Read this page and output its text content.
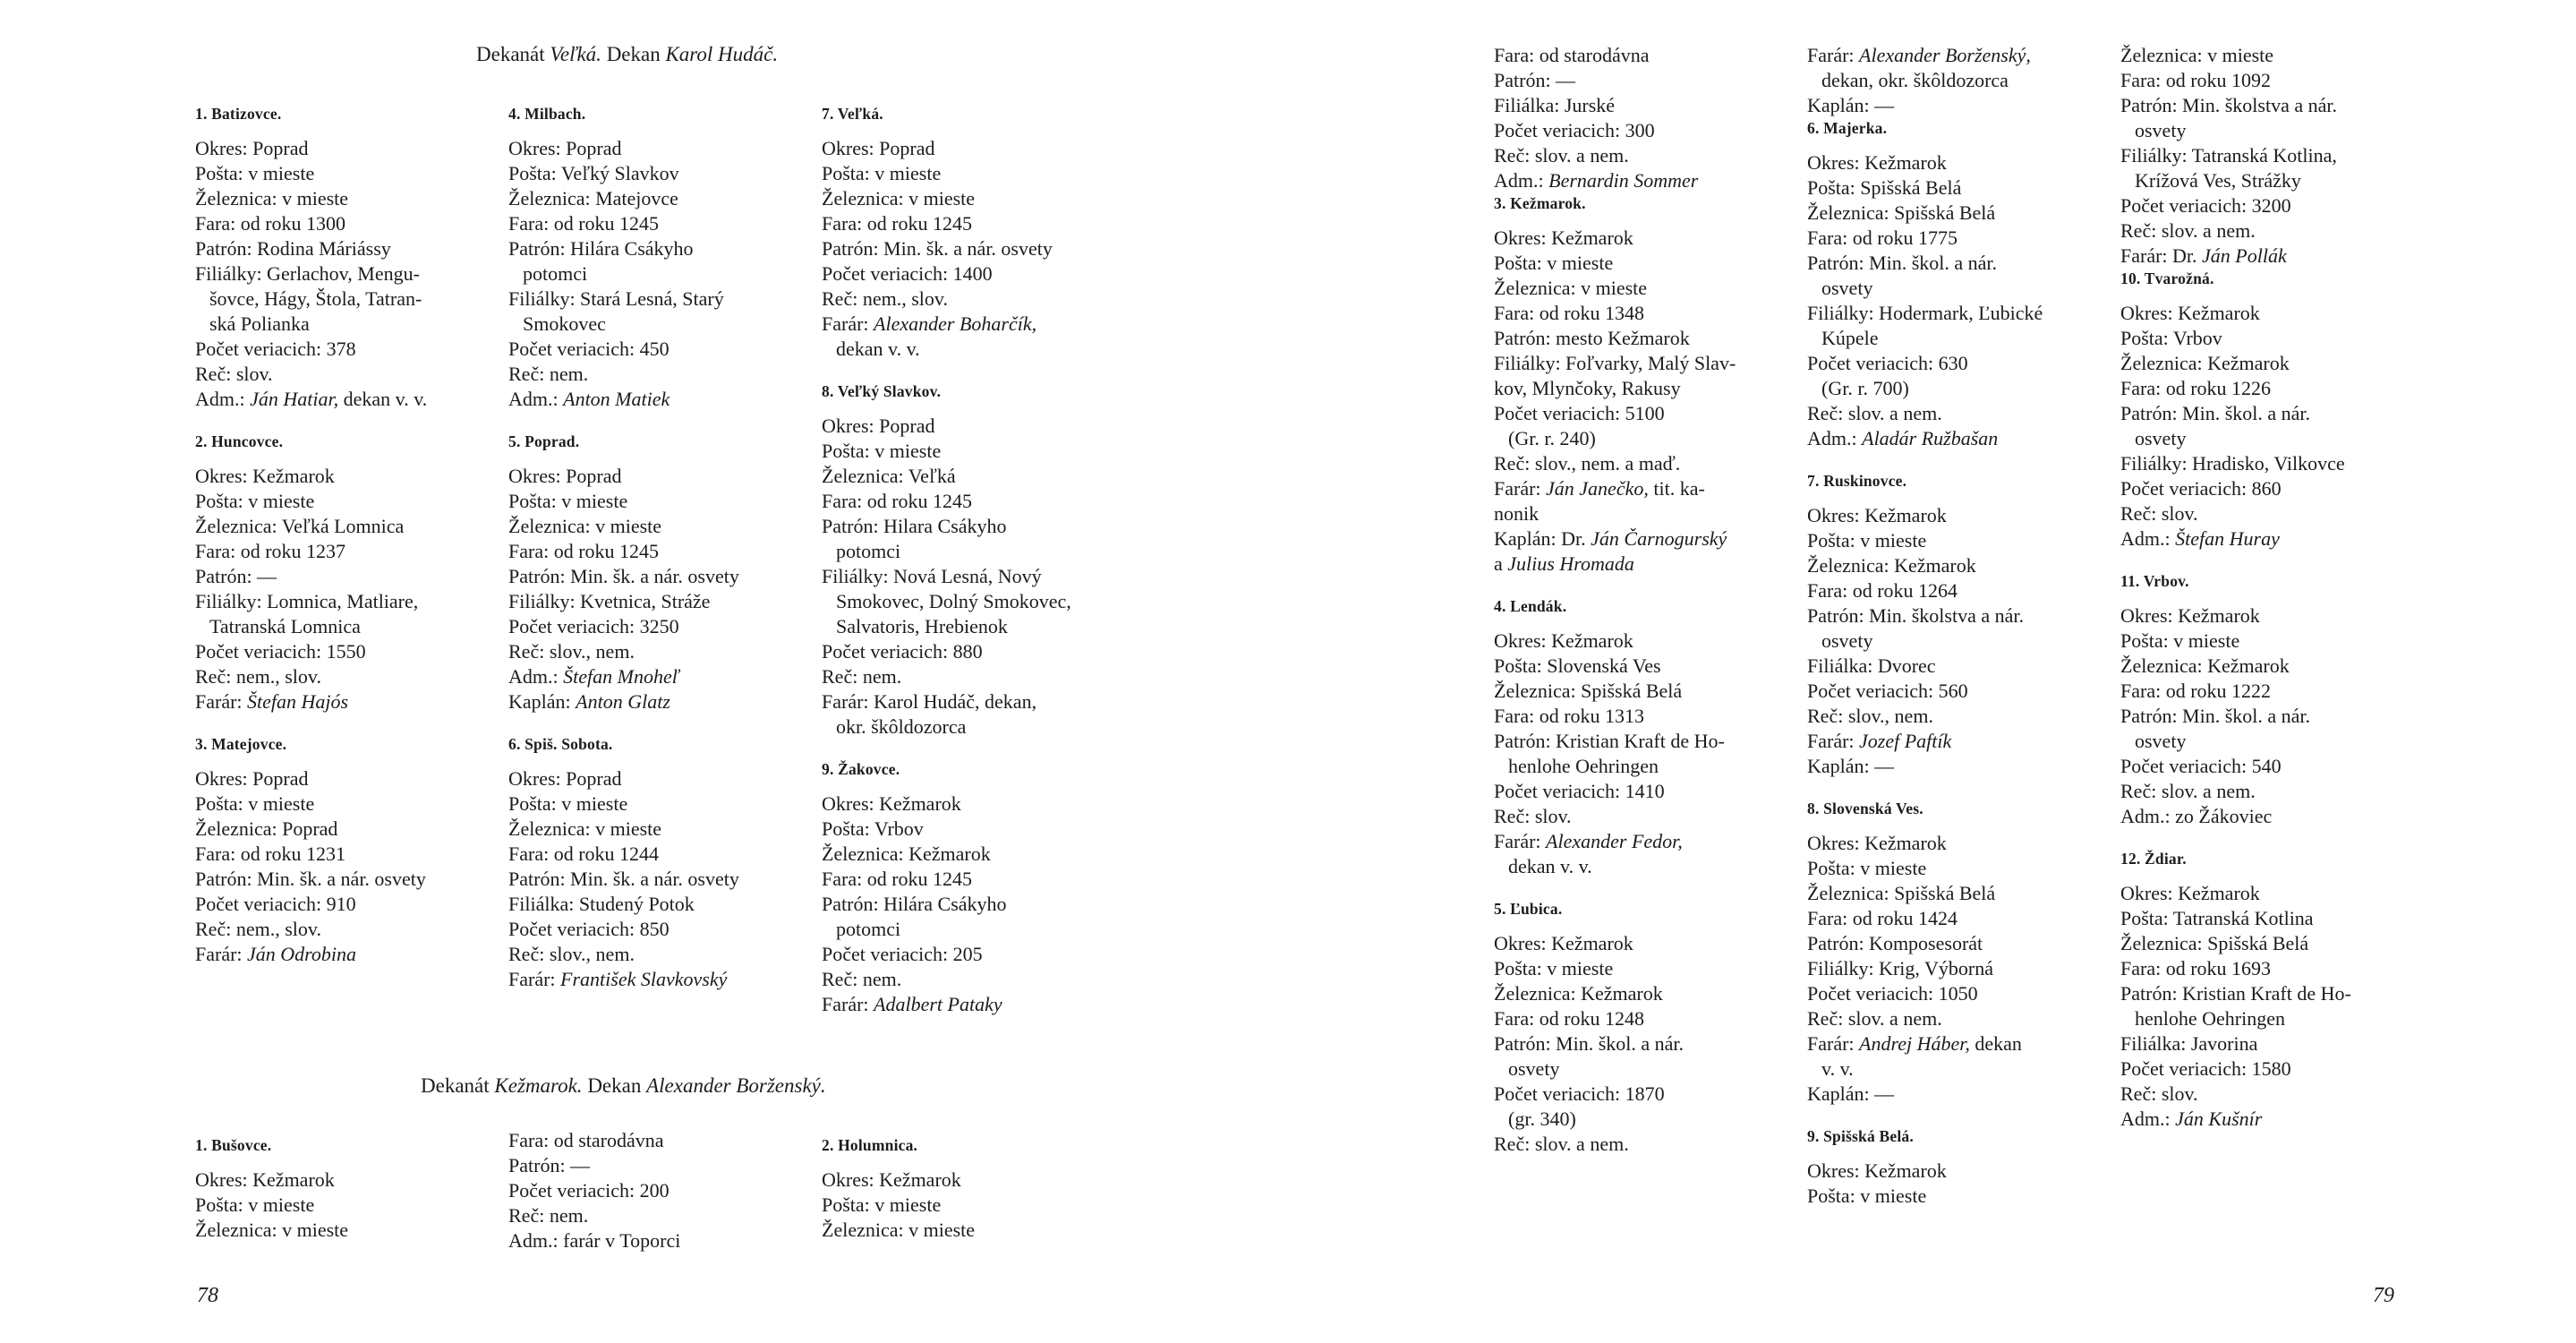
Dekanát Veľká. Dekan Karol Hudáč.
1. Batizovce.
Okres: Poprad
Pošta: v mieste
Železnica: v mieste
Fara: od roku 1300
Patrón: Rodina Máriássy
Filiálky: Gerlachov, Mengu-
šovce, Hágy, Štola, Tatran-
ská Polianka
Počet veriacich: 378
Reč: slov.
Adm.: Ján Hatiar, dekan v. v.
2. Huncovce.
Okres: Kežmarok
Pošta: v mieste
Železnica: Veľká Lomnica
Fara: od roku 1237
Patrón: —
Filiálky: Lomnica, Matliare,
Tatranská Lomnica
Počet veriacich: 1550
Reč: nem., slov.
Farár: Štefan Hajós
3. Matejovce.
Okres: Poprad
Pošta: v mieste
Železnica: Poprad
Fara: od roku 1231
Patrón: Min. šk. a nár. osvety
Počet veriacich: 910
Reč: nem., slov.
Farár: Ján Odrobina
4. Milbach.
Okres: Poprad
Pošta: Veľký Slavkov
Železnica: Matejovce
Fara: od roku 1245
Patrón: Hilára Csákyho
potomci
Filiálky: Stará Lesná, Starý
Smokovec
Počet veriacich: 450
Reč: nem.
Adm.: Anton Matiek
5. Poprad.
Okres: Poprad
Pošta: v mieste
Železnica: v mieste
Fara: od roku 1245
Patrón: Min. šk. a nár. osvety
Filiálky: Kvetnica, Stráže
Počet veriacich: 3250
Reč: slov., nem.
Adm.: Štefan Mnoheľ
Kaplán: Anton Glatz
6. Spiš. Sobota.
Okres: Poprad
Pošta: v mieste
Železnica: v mieste
Fara: od roku 1244
Patrón: Min. šk. a nár. osvety
Filiálka: Studený Potok
Počet veriacich: 850
Reč: slov., nem.
Farár: František Slavkovský
7. Veľká.
Okres: Poprad
Pošta: v mieste
Železnica: v mieste
Fara: od roku 1245
Patrón: Min. šk. a nár. osvety
Počet veriacich: 1400
Reč: nem., slov.
Farár: Alexander Boharčík,
dekan v. v.
8. Veľký Slavkov.
Okres: Poprad
Pošta: v mieste
Železnica: Veľká
Fara: od roku 1245
Patrón: Hilara Csákyho
potomci
Filiálky: Nová Lesná, Nový
Smokovec, Dolný Smokovec,
Salvatoris, Hrebienok
Počet veriacich: 880
Reč: nem.
Farár: Karol Hudáč, dekan,
okr. škôldozorca
9. Žakovce.
Okres: Kežmarok
Pošta: Vrbov
Železnica: Kežmarok
Fara: od roku 1245
Patrón: Hilára Csákyho
potomci
Počet veriacich: 205
Reč: nem.
Farár: Adalbert Pataky
Dekanát Kežmarok. Dekan Alexander Borženský.
1. Bušovce.
Okres: Kežmarok
Pošta: v mieste
Železnica: v mieste
Fara: od starodávna
Patrón: —
Počet veriacich: 200
Reč: nem.
Adm.: farár v Toporci
2. Holumnica.
Okres: Kežmarok
Pošta: v mieste
Železnica: v mieste
78
Fara: od starodávna
Patrón: —
Filiálka: Jurské
Počet veriacich: 300
Reč: slov. a nem.
Adm.: Bernardin Sommer
3. Kežmarok.
Okres: Kežmarok
Pošta: v mieste
Železnica: v mieste
Fara: od roku 1348
Patrón: mesto Kežmarok
Filiálky: Foľvarky, Malý Slav-
kov, Mlynčoky, Rakusy
Počet veriacich: 5100
(Gr. r. 240)
Reč: slov., nem. a maď.
Farár: Ján Janečko, tit. ka-
nonik
Kaplán: Dr. Ján Čarnogurský
a Julius Hromada
4. Lendák.
Okres: Kežmarok
Pošta: Slovenská Ves
Železnica: Spišská Belá
Fara: od roku 1313
Patrón: Kristian Kraft de Ho-
henlohe Oehringen
Počet veriacich: 1410
Reč: slov.
Farár: Alexander Fedor,
dekan v. v.
5. Ľubica.
Okres: Kežmarok
Pošta: v mieste
Železnica: Kežmarok
Fara: od roku 1248
Patrón: Min. škol. a nár.
osvety
Počet veriacich: 1870
(gr. 340)
Reč: slov. a nem.
Farár: Alexander Borženský,
dekan, okr. škôldozorca
Kaplán: —
6. Majerka.
Okres: Kežmarok
Pošta: Spišská Belá
Železnica: Spišská Belá
Fara: od roku 1775
Patrón: Min. škol. a nár.
osvety
Filiálky: Hodermark, Ľubické
Kúpele
Počet veriacich: 630
(Gr. r. 700)
Reč: slov. a nem.
Adm.: Aladár Ružbašan
7. Ruskinovce.
Okres: Kežmarok
Pošta: v mieste
Železnica: Kežmarok
Fara: od roku 1264
Patrón: Min. školstva a nár.
osvety
Filiálka: Dvorec
Počet veriacich: 560
Reč: slov., nem.
Farár: Jozef Paftík
Kaplán: —
8. Slovenská Ves.
Okres: Kežmarok
Pošta: v mieste
Železnica: Spišská Belá
Fara: od roku 1424
Patrón: Komposesorát
Filiálky: Krig, Výborná
Počet veriacich: 1050
Reč: slov. a nem.
Farár: Andrej Háber, dekan
v. v.
Kaplán: —
9. Spišská Belá.
Okres: Kežmarok
Pošta: v mieste
Železnica: v mieste
Fara: od roku 1092
Patrón: Min. školstva a nár.
osvety
Filiálky: Tatranská Kotlina,
Krížová Ves, Strážky
Počet veriacich: 3200
Reč: slov. a nem.
Farár: Dr. Ján Pollák
10. Tvarožná.
Okres: Kežmarok
Pošta: Vrbov
Železnica: Kežmarok
Fara: od roku 1226
Patrón: Min. škol. a nár.
osvety
Filiálky: Hradisko, Vilkovce
Počet veriacich: 860
Reč: slov.
Adm.: Štefan Huray
11. Vrbov.
Okres: Kežmarok
Pošta: v mieste
Železnica: Kežmarok
Fara: od roku 1222
Patrón: Min. škol. a nár.
osvety
Počet veriacich: 540
Reč: slov. a nem.
Adm.: zo Žákoviec
12. Ždiar.
Okres: Kežmarok
Pošta: Tatranská Kotlina
Železnica: Spišská Belá
Fara: od roku 1693
Patrón: Kristian Kraft de Ho-
henlohe Oehringen
Filiálka: Javorina
Počet veriacich: 1580
Reč: slov.
Adm.: Ján Kušnír
79
